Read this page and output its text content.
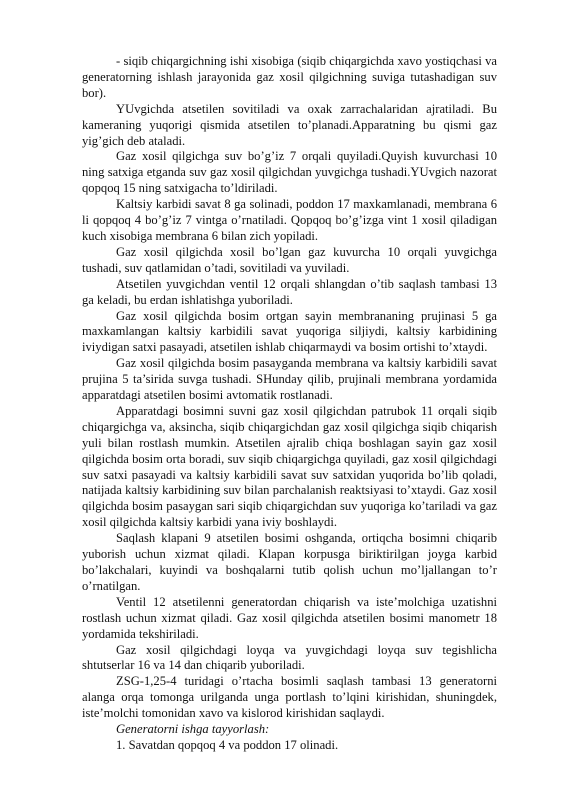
- siqib chiqargichning ishi xisobiga (siqib chiqargichda xavo yostiqchasi va generatorning ishlash jarayonida gaz xosil qilgichning suviga tutashadigan suv bor).

YUvgichda atsetilen sovitiladi va oxak zarrachalaridan ajratiladi. Bu kameraning yuqorigi qismida atsetilen to’planadi.Apparatning bu qismi gaz yig’gich deb ataladi.

Gaz xosil qilgichga suv bo’g’iz 7 orqali quyiladi.Quyish kuvurchasi 10 ning satxiga etganda suv gaz xosil qilgichdan yuvgichga tushadi.YUvgich nazorat qopqoq 15 ning satxigacha to’ldiriladi.

Kaltsiy karbidi savat 8 ga solinadi, poddon 17 maxkamlanadi, membrana 6 li qopqoq 4 bo’g’iz 7 vintga o’rnatiladi. Qopqoq bo’g’izga vint 1 xosil qiladigan kuch xisobiga membrana 6 bilan zich yopiladi.

Gaz xosil qilgichda xosil bo’lgan gaz kuvurcha 10 orqali yuvgichga tushadi, suv qatlamidan o’tadi, sovitiladi va yuviladi.

Atsetilen yuvgichdan ventil 12 orqali shlangdan o’tib saqlash tambasi 13 ga keladi, bu erdan ishlatishga yuboriladi.

Gaz xosil qilgichda bosim ortgan sayin membrananing prujinasi 5 ga maxkamlangan kaltsiy karbidili savat yuqoriga siljiydi, kaltsiy karbidining iviydigan satxi pasayadi, atsetilen ishlab chiqarmaydi va bosim ortishi to’xtaydi.

Gaz xosil qilgichda bosim pasayganda membrana va kaltsiy karbidili savat prujina 5 ta’sirida suvga tushadi. SHunday qilib, prujinali membrana yordamida apparatdagi atsetilen bosimi avtomatik rostlanadi.

Apparatdagi bosimni suvni gaz xosil qilgichdan patrubok 11 orqali siqib chiqargichga va, aksincha, siqib chiqargichdan gaz xosil qilgichga siqib chiqarish yuli bilan rostlash mumkin. Atsetilen ajralib chiqa boshlagan sayin gaz xosil qilgichda bosim orta boradi, suv siqib chiqargichga quyiladi, gaz xosil qilgichdagi suv satxi pasayadi va kaltsiy karbidili savat suv satxidan yuqorida bo’lib qoladi, natijada kaltsiy karbidining suv bilan parchalanish reaktsiyasi to’xtaydi. Gaz xosil qilgichda bosim pasaygan sari siqib chiqargichdan suv yuqoriga ko’tariladi va gaz xosil qilgichda kaltsiy karbidi yana iviy boshlaydi.

Saqlash klapani 9 atsetilen bosimi oshganda, ortiqcha bosimni chiqarib yuborish uchun xizmat qiladi. Klapan korpusga biriktirilgan joyga karbid bo’lakchalari, kuyindi va boshqalarni tutib qolish uchun mo’ljallangan to’r o’rnatilgan.

Ventil 12 atsetilenni generatordan chiqarish va iste’molchiga uzatishni rostlash uchun xizmat qiladi. Gaz xosil qilgichda atsetilen bosimi manometr 18 yordamida tekshiriladi.

Gaz xosil qilgichdagi loyqa va yuvgichdagi loyqa suv tegishlicha shtutserlar 16 va 14 dan chiqarib yuboriladi.

ZSG-1,25-4 turidagi o’rtacha bosimli saqlash tambasi 13 generatorni alanga orqa tomonga urilganda unga portlash to’lqini kirishidan, shuningdek, iste’molchi tomonidan xavo va kislorod kirishidan saqlaydi.

Generatorni ishga tayyorlash:

1. Savatdan qopqoq 4 va poddon 17 olinadi.
